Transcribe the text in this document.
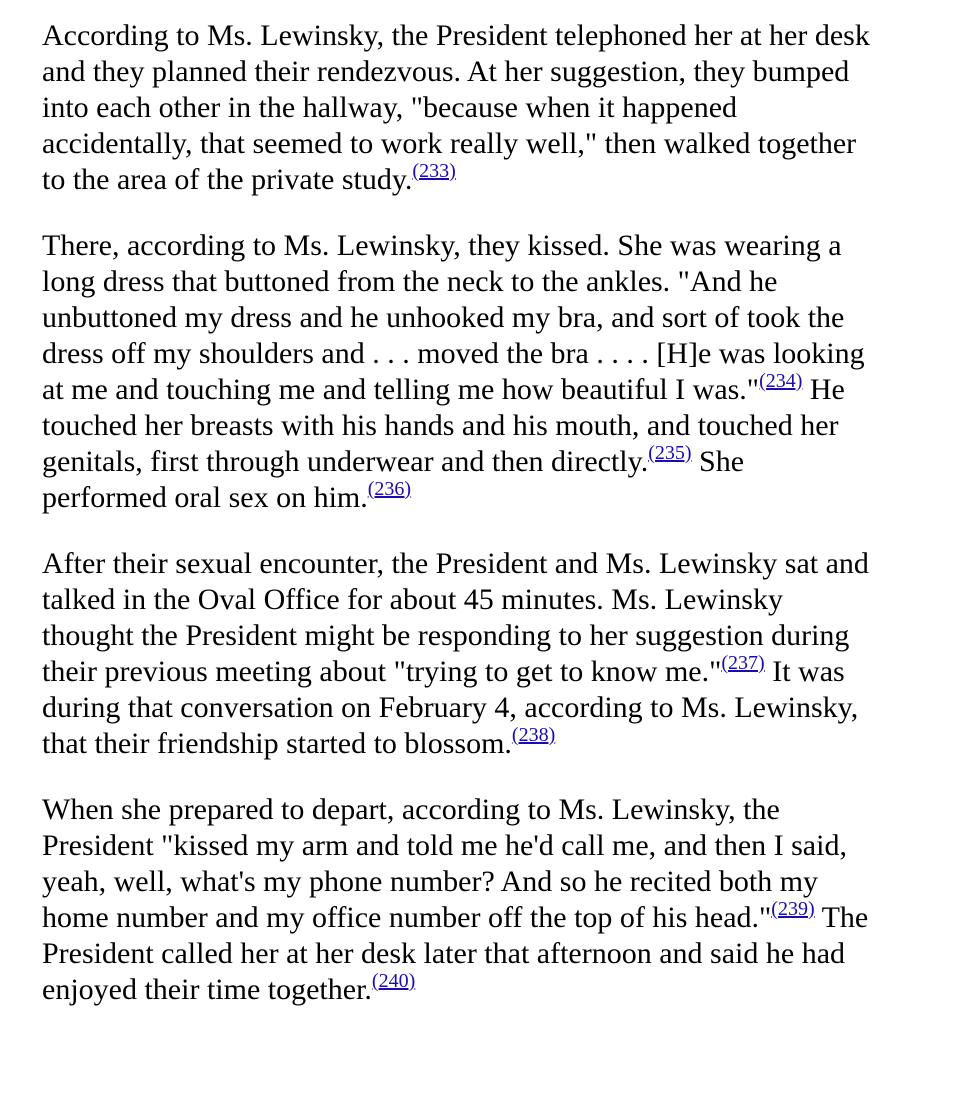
According to Ms. Lewinsky, the President telephoned her at her desk
and they planned their rendezvous. At her suggestion, they bumped
into each other in the hallway, "because when it happened
accidentally, that seemed to work really well," then walked together
to the area of the private study.$^{(233)}$

There, according to Ms. Lewinsky, they kissed. She was wearing a
long dress that buttoned from the neck to the ankles. "And he
unbuttoned my dress and he unhooked my bra, and sort of took the
dress off my shoulders and . . . moved the bra . . . . [H]e was looking
at me and touching me and telling me how beautiful I was."$^{(234)}$ He
touched her breasts with his hands and his mouth, and touched her
genitals, first through underwear and then directly.$^{(235)}$ She
performed oral sex on him.$^{(236)}$

After their sexual encounter, the President and Ms. Lewinsky sat and
talked in the Oval Office for about 45 minutes. Ms. Lewinsky
thought the President might be responding to her suggestion during
their previous meeting about "trying to get to know me."$^{(237)}$ It was
during that conversation on February 4, according to Ms. Lewinsky,
that their friendship started to blossom.$^{(238)}$

When she prepared to depart, according to Ms. Lewinsky, the
President "kissed my arm and told me he'd call me, and then I said,
yeah, well, what's my phone number? And so he recited both my
home number and my office number off the top of his head."$^{(239)}$ The
President called her at her desk later that afternoon and said he had
enjoyed their time together.$^{(240)}$
